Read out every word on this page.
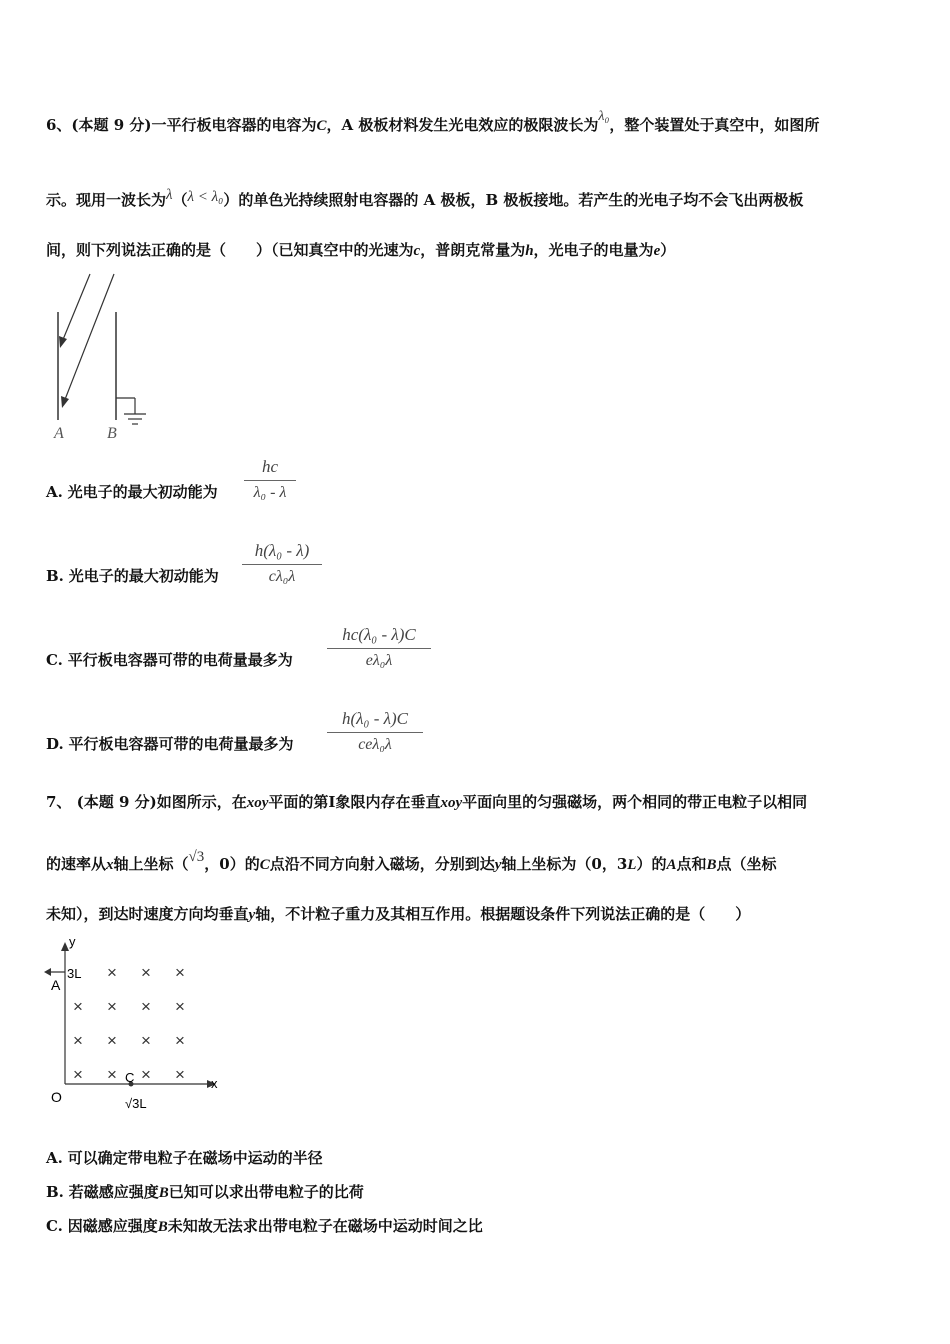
6、(本题 9 分)一平行板电容器的电容为C，A 极板材料发生光电效应的极限波长为λ₀，整个装置处于真空中，如图所
示。现用一波长为λ（λ < λ₀）的单色光持续照射电容器的 A 极板，B 极板接地。若产生的光电子均不会飞出两极板
间，则下列说法正确的是（　　）（已知真空中的光速为c，普朗克常量为h，光电子的电量为e）
A	B
A. 光电子的最大初动能为
hc
λ₀ - λ
B. 光电子的最大初动能为
h(λ₀ - λ)
cλ₀λ
C. 平行板电容器可带的电荷量最多为
hc(λ₀ - λ)C
eλ₀λ
D. 平行板电容器可带的电荷量最多为
h(λ₀ - λ)C
ceλ₀λ
7、 (本题 9 分)如图所示，在xoy平面的第Ⅰ象限内存在垂直xoy平面向里的匀强磁场，两个相同的带正电粒子以相同
的速率从x轴上坐标（√3，0）的C点沿不同方向射入磁场，分别到达y轴上坐标为（0，3L）的A点和B点（坐标
未知），到达时速度方向均垂直y轴，不计粒子重力及其相互作用。根据题设条件下列说法正确的是（　　）
y
x
3L
A
× × ×
× × × ×
× × × ×
× × × ×
C
O	√3L
A. 可以确定带电粒子在磁场中运动的半径
B. 若磁感应强度B已知可以求出带电粒子的比荷
C. 因磁感应强度B未知故无法求出带电粒子在磁场中运动时间之比
